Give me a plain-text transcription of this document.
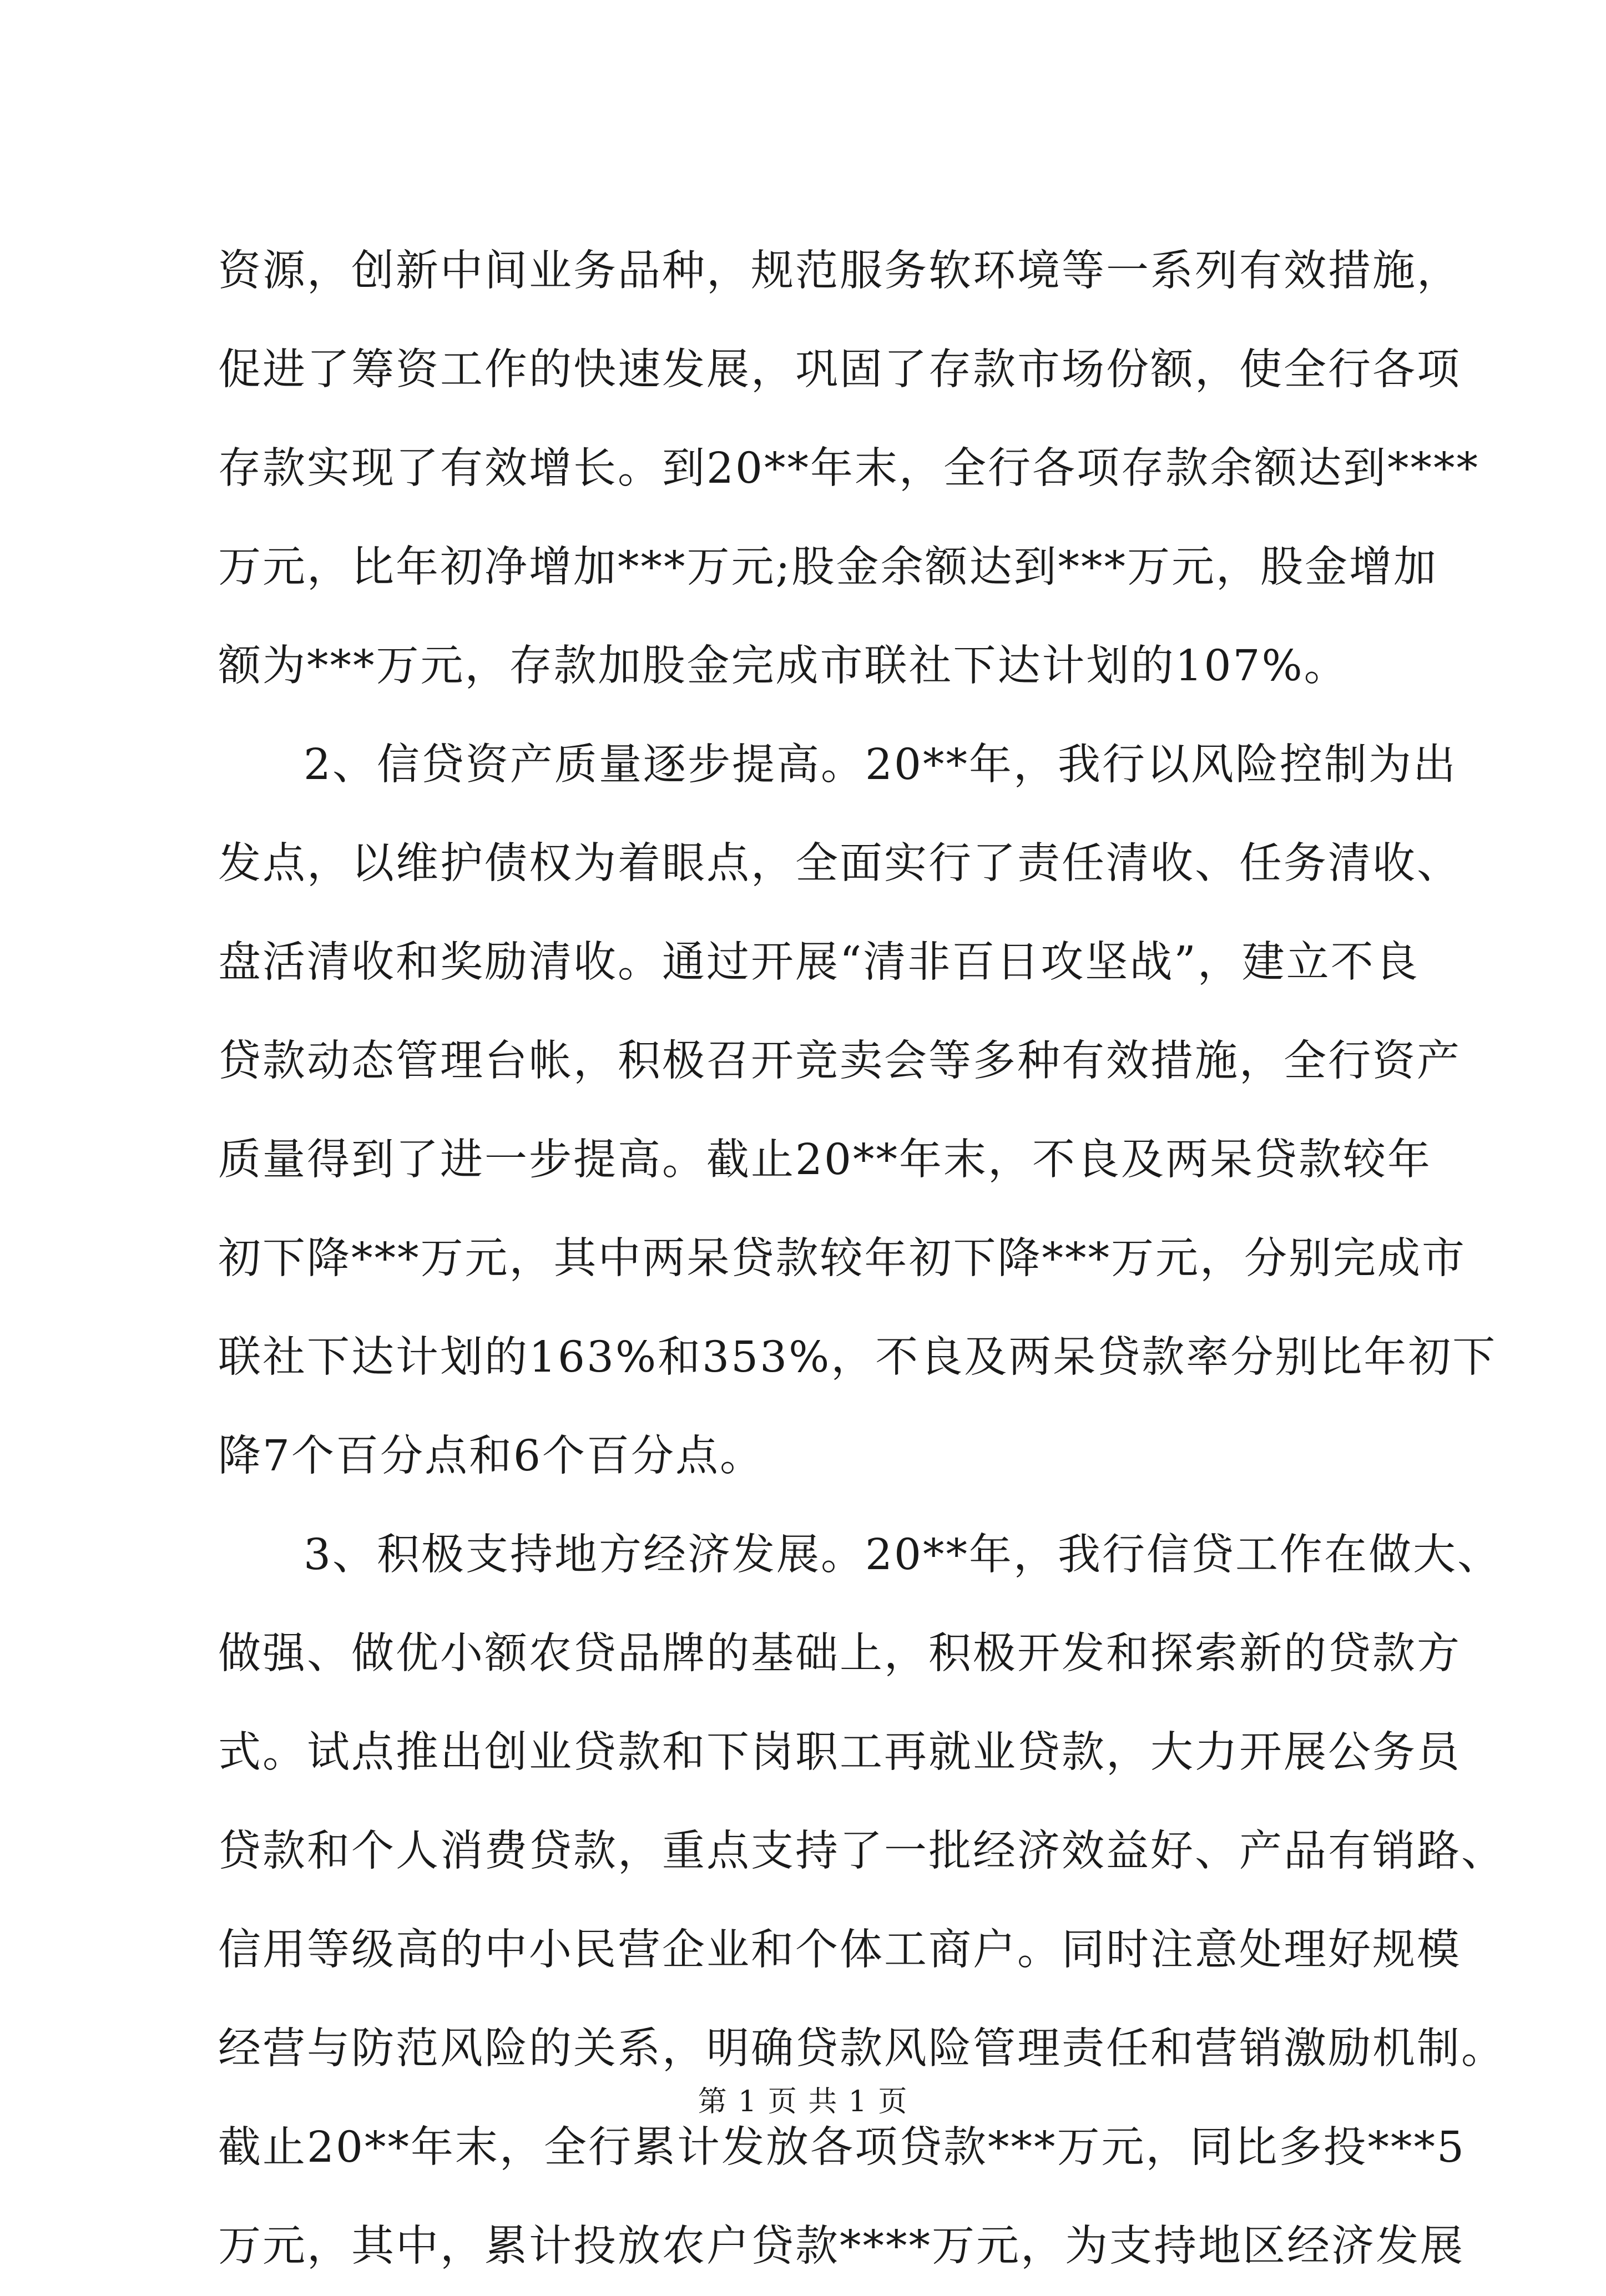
资源，创新中间业务品种，规范服务软环境等一系列有效措施，
促进了筹资工作的快速发展，巩固了存款市场份额，使全行各项
存款实现了有效增长。到20**年末，全行各项存款余额达到****
万元，比年初净增加***万元;股金余额达到***万元，股金增加
额为***万元，存款加股金完成市联社下达计划的107%。
2、信贷资产质量逐步提高。20**年，我行以风险控制为出
发点，以维护债权为着眼点，全面实行了责任清收、任务清收、
盘活清收和奖励清收。通过开展“清非百日攻坚战”，建立不良
贷款动态管理台帐，积极召开竞卖会等多种有效措施，全行资产
质量得到了进一步提高。截止20**年末，不良及两呆贷款较年
初下降***万元，其中两呆贷款较年初下降***万元，分别完成市
联社下达计划的163%和353%，不良及两呆贷款率分别比年初下
降7个百分点和6个百分点。
3、积极支持地方经济发展。20**年，我行信贷工作在做大、
做强、做优小额农贷品牌的基础上，积极开发和探索新的贷款方
式。试点推出创业贷款和下岗职工再就业贷款，大力开展公务员
贷款和个人消费贷款，重点支持了一批经济效益好、产品有销路、
信用等级高的中小民营企业和个体工商户。同时注意处理好规模
经营与防范风险的关系，明确贷款风险管理责任和营销激励机制。
截止20**年末，全行累计发放各项贷款***万元，同比多投***5
万元，其中，累计投放农户贷款****万元，为支持地区经济发展
第 1 页 共 1 页
